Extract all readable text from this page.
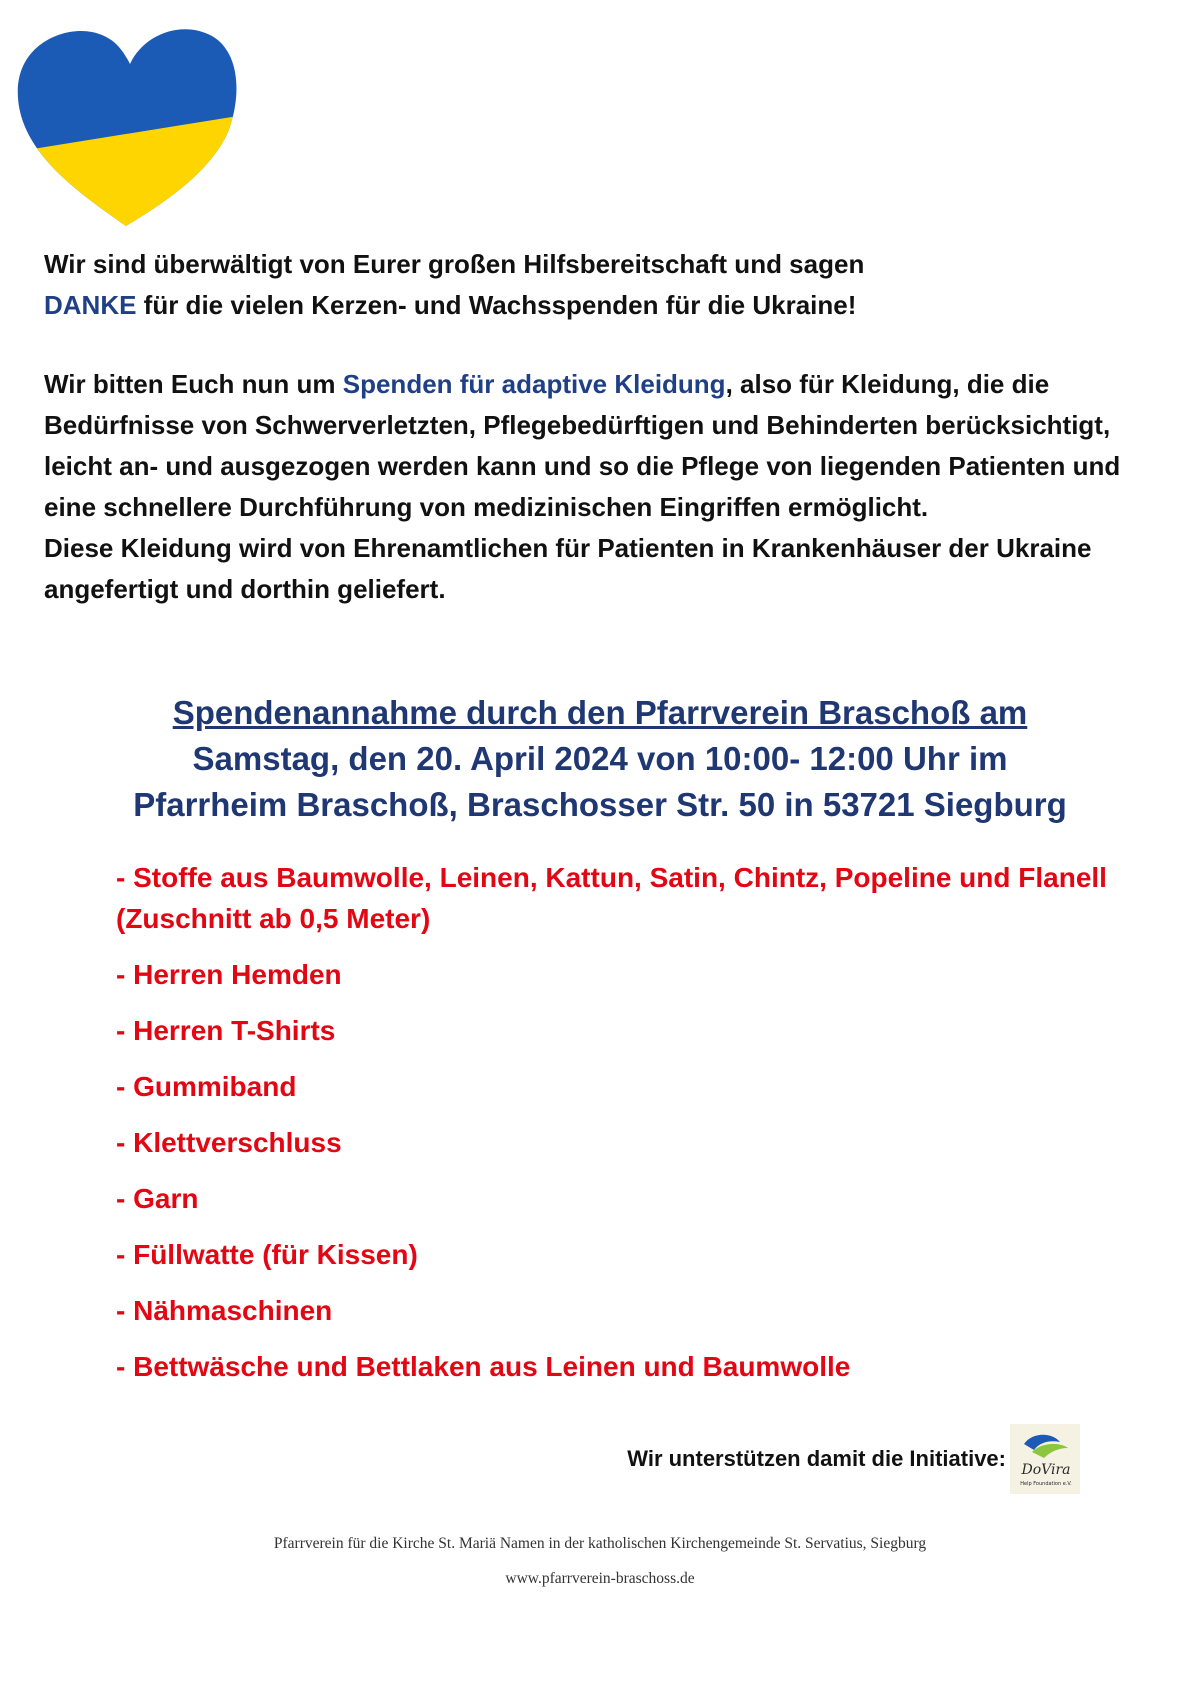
Wir sind überwältigt von Eurer großen Hilfsbereitschaft und sagen
DANKE für die vielen Kerzen- und Wachsspenden für die Ukraine!

Wir bitten Euch nun um Spenden für adaptive Kleidung, also für Kleidung, die die Bedürfnisse von Schwerverletzten, Pflegebedürftigen und Behinderten berücksichtigt, leicht an- und ausgezogen werden kann und so die Pflege von liegenden Patienten und eine schnellere Durchführung von medizinischen Eingriffen ermöglicht.
Diese Kleidung wird von Ehrenamtlichen für Patienten in Krankenhäuser der Ukraine angefertigt und dorthin geliefert.

Spendenannahme durch den Pfarrverein Braschoß am
Samstag, den 20. April 2024 von 10:00- 12:00 Uhr im
Pfarrheim Braschoß, Braschosser Str. 50 in 53721 Siegburg

- Stoffe aus Baumwolle, Leinen, Kattun, Satin, Chintz, Popeline und Flanell (Zuschnitt ab 0,5 Meter)
- Herren Hemden
- Herren T-Shirts
- Gummiband
- Klettverschluss
- Garn
- Füllwatte (für Kissen)
- Nähmaschinen
- Bettwäsche und Bettlaken aus Leinen und Baumwolle
Wir unterstützen damit die Initiative: DoVira
Help Foundation e.V.

Pfarrverein für die Kirche St. Mariä Namen in der katholischen Kirchengemeinde St. Servatius, Siegburg

www.pfarrverein-braschoss.de
